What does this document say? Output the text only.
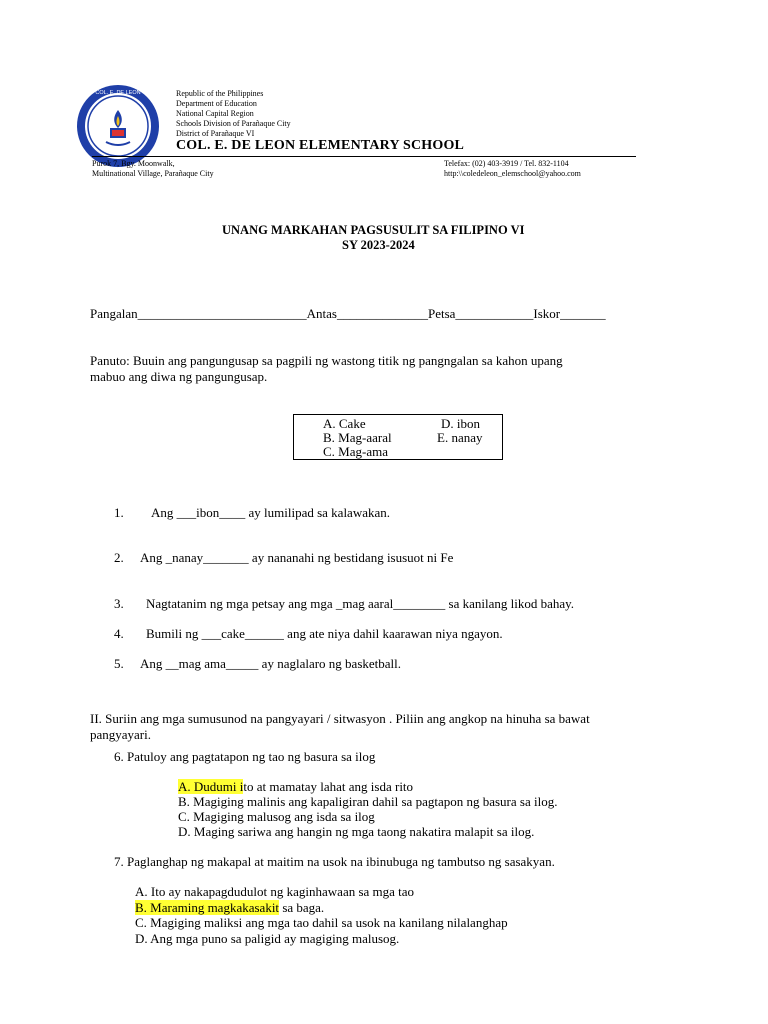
COL. E. DE LEON	Republic of the Philippines
Department of Education
National Capital Region
Schools Division of Parañaque City
District of Parañaque VI
COL. E. DE LEON ELEMENTARY SCHOOL
Purok 7, Bgy. Moonwalk,
Multinational Village, Parañaque City
Telefax: (02) 403-3919 / Tel. 832-1104
http:\\coledeleon_elemschool@yahoo.com
UNANG MARKAHAN PAGSUSULIT SA FILIPINO VI
SY 2023-2024
Pangalan__________________________Antas______________Petsa____________Iskor_______
Panuto: Buuin ang pangungusap sa pagpili ng wastong titik ng pangngalan sa kahon upang
mabuo ang diwa ng pangungusap.
A. Cake
B. Mag-aaral
C. Mag-ama
D. ibon
E. nanay
1. Ang ___ibon____ ay lumilipad sa kalawakan.
2. Ang _nanay_______ ay nananahi ng bestidang isusuot ni Fe
3. Nagtatanim ng mga petsay ang mga _mag aaral________ sa kanilang likod bahay.
4. Bumili ng ___cake______ ang ate niya dahil kaarawan niya ngayon.
5. Ang __mag ama_____ ay naglalaro ng basketball.
II. Suriin ang mga sumusunod na pangyayari / sitwasyon . Piliin ang angkop na hinuha sa bawat
pangyayari.
6. Patuloy ang pagtatapon ng tao ng basura sa ilog
A. Dudumi ito at mamatay lahat ang isda rito
B. Magiging malinis ang kapaligiran dahil sa pagtapon ng basura sa ilog.
C. Magiging malusog ang isda sa ilog
D. Maging sariwa ang hangin ng mga taong nakatira malapit sa ilog.
7. Paglanghap ng makapal at maitim na usok na ibinubuga ng tambutso ng sasakyan.
A. Ito ay nakapagdudulot ng kaginhawaan sa mga tao
B. Maraming magkakasakit sa baga.
C. Magiging maliksi ang mga tao dahil sa usok na kanilang nilalanghap
D. Ang mga puno sa paligid ay magiging malusog.
